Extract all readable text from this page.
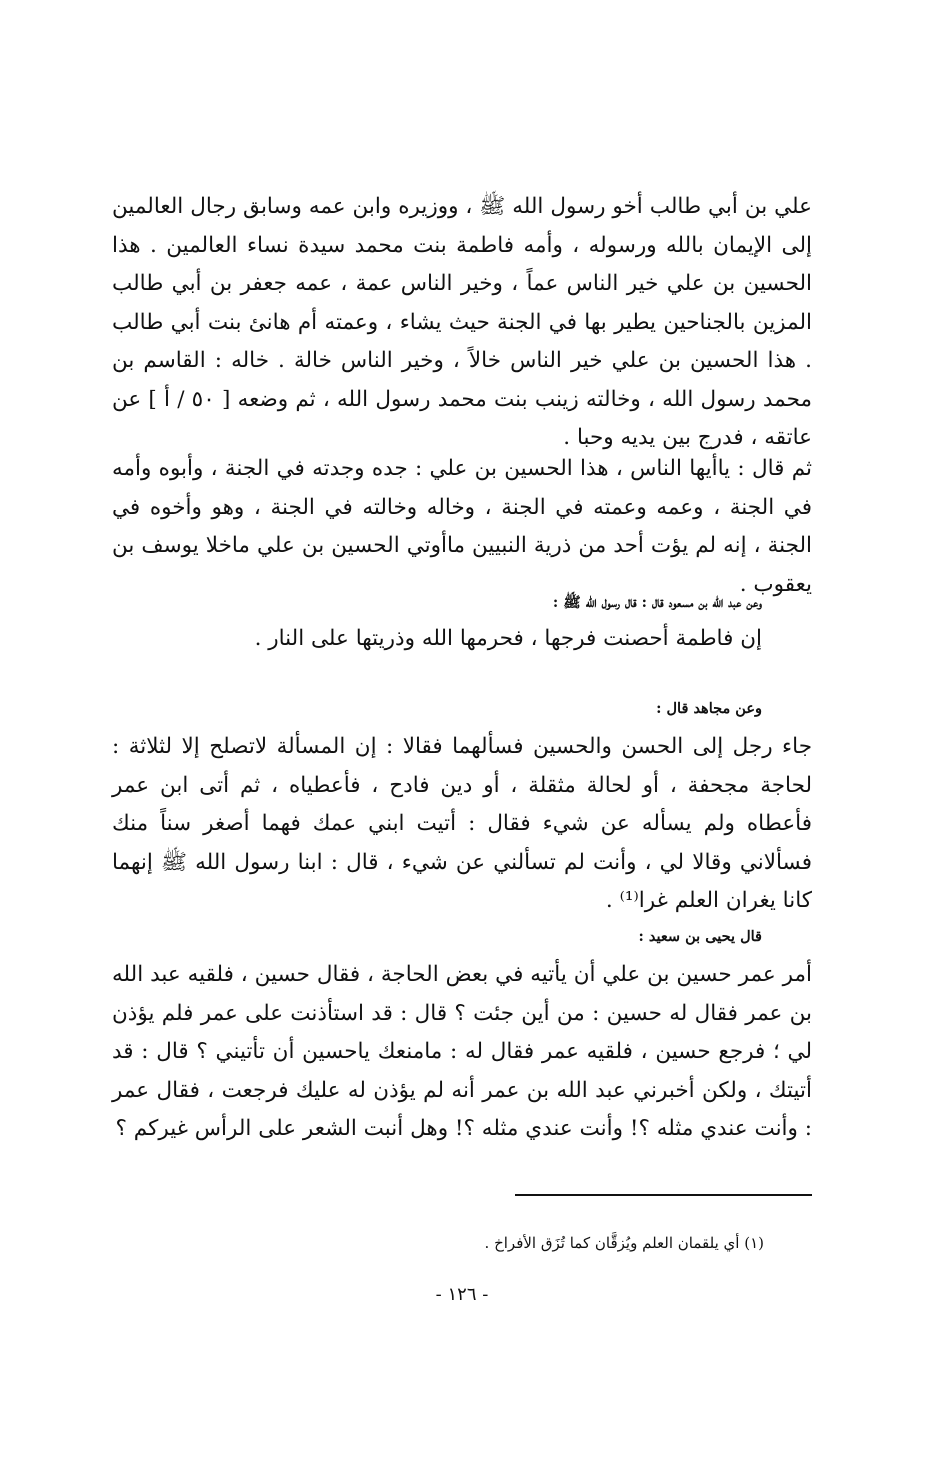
علي بن أبي طالب أخو رسول الله ﷺ ، ووزيره وابن عمه وسابق رجال العالمين إلى الإيمان بالله ورسوله ، وأمه فاطمة بنت محمد سيدة نساء العالمين . هذا الحسين بن علي خير الناس عماً ، وخير الناس عمة ، عمه جعفر بن أبي طالب المزين بالجناحين يطير بها في الجنة حيث يشاء ، وعمته أم هانئ بنت أبي طالب . هذا الحسين بن علي خير الناس خالاً ، وخير الناس خالة . خاله : القاسم بن محمد رسول الله ، وخالته زينب بنت محمد رسول الله ، ثم وضعه [ ٥٠ / أ ] عن عاتقه ، فدرج بين يديه وحبا .

ثم قال : ياأيها الناس ، هذا الحسين بن علي : جده وجدته في الجنة ، وأبوه وأمه في الجنة ، وعمه وعمته في الجنة ، وخاله وخالته في الجنة ، وهو وأخوه في الجنة ، إنه لم يؤت أحد من ذرية النبيين ماأوتي الحسين بن علي ماخلا يوسف بن يعقوب .

وعن عبد الله بن مسعود قال : قال رسول الله ﷺ :

إن فاطمة أحصنت فرجها ، فحرمها الله وذريتها على النار .

وعن مجاهد قال :

جاء رجل إلى الحسن والحسين فسألهما فقالا : إن المسألة لاتصلح إلا لثلاثة : لحاجة مجحفة ، أو لحالة مثقلة ، أو دين فادح ، فأعطياه ، ثم أتى ابن عمر فأعطاه ولم يسأله عن شيء فقال : أتيت ابني عمك فهما أصغر سناً منك فسألاني وقالا لي ، وأنت لم تسألني عن شيء ، قال : ابنا رسول الله ﷺ إنهما كانا يغران العلم غرا⁽¹⁾ .

قال يحيى بن سعيد :

أمر عمر حسين بن علي أن يأتيه في بعض الحاجة ، فقال حسين ، فلقيه عبد الله بن عمر فقال له حسين : من أين جئت ؟ قال : قد استأذنت على عمر فلم يؤذن لي ؛ فرجع حسين ، فلقيه عمر فقال له : مامنعك ياحسين أن تأتيني ؟ قال : قد أتيتك ، ولكن أخبرني عبد الله بن عمر أنه لم يؤذن له عليك فرجعت ، فقال عمر : وأنت عندي مثله ؟! وأنت عندي مثله ؟! وهل أنبت الشعر على الرأس غيركم ؟

(١) أي يلقمان العلم ويُزقَّان كما تُزَق الأفراخ .

- ١٢٦ -
